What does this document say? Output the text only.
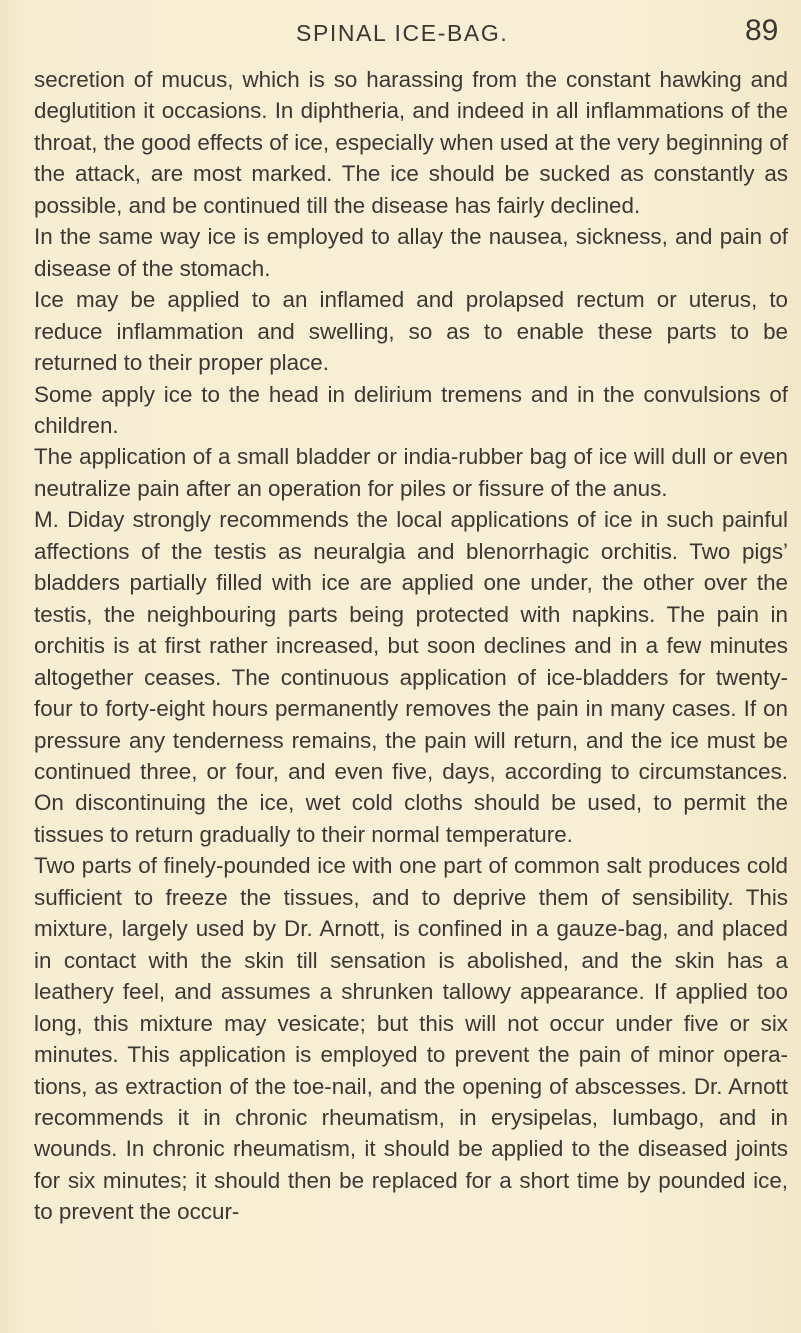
SPINAL ICE-BAG.	89

secretion of mucus, which is so harassing from the constant hawking and deglutition it occasions. In diphtheria, and indeed in all inflammations of the throat, the good effects of ice, especially when used at the very beginning of the attack, are most marked. The ice should be sucked as constantly as possible, and be continued till the disease has fairly declined.

In the same way ice is employed to allay the nausea, sickness, and pain of disease of the stomach.

Ice may be applied to an inflamed and prolapsed rectum or uterus, to reduce inflammation and swelling, so as to enable these parts to be returned to their proper place.

Some apply ice to the head in delirium tremens and in the convulsions of children.

The application of a small bladder or india-rubber bag of ice will dull or even neutralize pain after an operation for piles or fissure of the anus.

M. Diday strongly recommends the local applications of ice in such painful affections of the testis as neuralgia and blenorrhagic orchitis. Two pigs’ bladders partially filled with ice are applied one under, the other over the testis, the neighbouring parts being protected with napkins. The pain in orchitis is at first rather increased, but soon declines and in a few minutes altogether ceases. The continuous application of ice-bladders for twenty-four to forty-eight hours permanently removes the pain in many cases. If on pressure any tenderness remains, the pain will return, and the ice must be continued three, or four, and even five, days, according to circumstances. On discontinuing the ice, wet cold cloths should be used, to permit the tissues to return gradually to their normal temperature.

Two parts of finely-pounded ice with one part of common salt produces cold sufficient to freeze the tissues, and to deprive them of sensibility. This mixture, largely used by Dr. Arnott, is confined in a gauze-bag, and placed in contact with the skin till sensation is abolished, and the skin has a leathery feel, and assumes a shrunken tallowy appearance. If applied too long, this mixture may vesicate; but this will not occur under five or six minutes. This application is employed to prevent the pain of minor operations, as extraction of the toe-nail, and the opening of abscesses. Dr. Arnott recommends it in chronic rheumatism, in erysipelas, lumbago, and in wounds. In chronic rheumatism, it should be applied to the diseased joints for six minutes; it should then be replaced for a short time by pounded ice, to prevent the occur-
